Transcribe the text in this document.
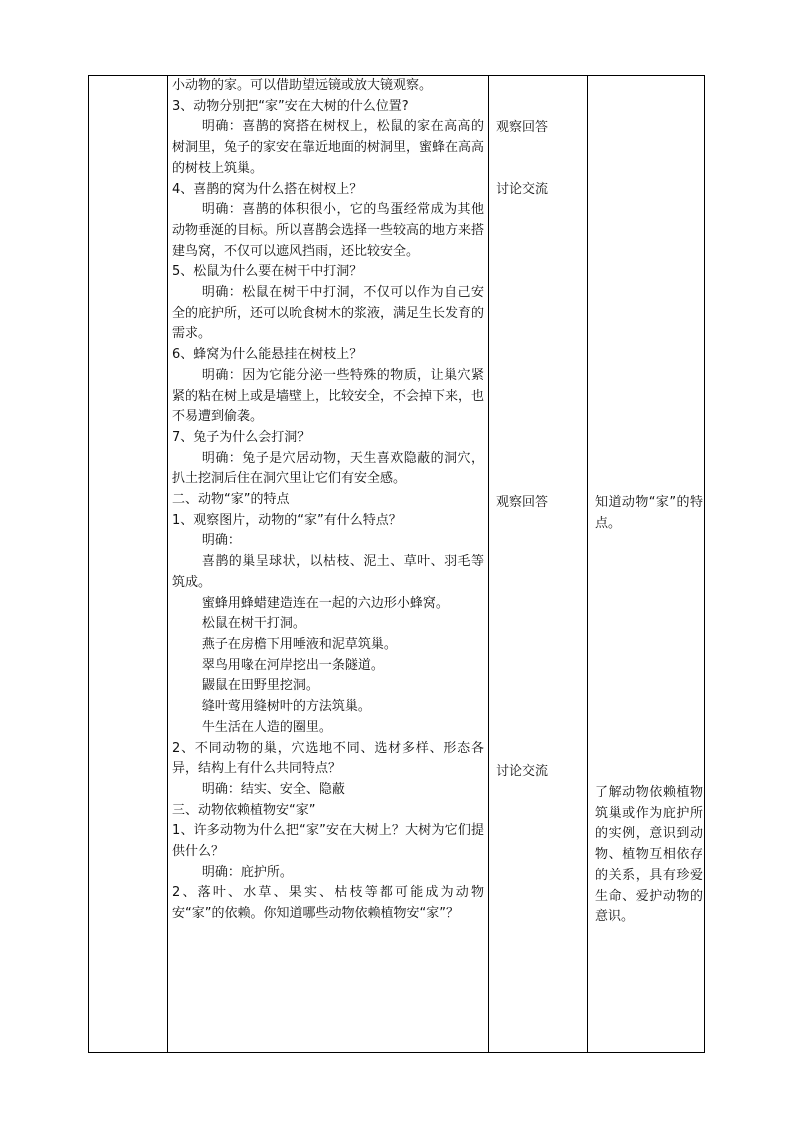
小动物的家。可以借助望远镜或放大镜观察。

3、动物分别把“家”安在大树的什么位置?

明确：喜鹊的窝搭在树杈上，松鼠的家在高高的树洞里，兔子的家安在靠近地面的树洞里，蜜蜂在高高的树枝上筑巢。

4、喜鹊的窝为什么搭在树杈上？

明确：喜鹊的体积很小，它的鸟蛋经常成为其他动物垂涎的目标。所以喜鹊会选择一些较高的地方来搭建鸟窝，不仅可以遮风挡雨，还比较安全。

5、松鼠为什么要在树干中打洞？

明确：松鼠在树干中打洞，不仅可以作为自己安全的庇护所，还可以吮食树木的浆液，满足生长发育的需求。

6、蜂窝为什么能悬挂在树枝上？

明确：因为它能分泌一些特殊的物质，让巢穴紧紧的粘在树上或是墙壁上，比较安全，不会掉下来，也不易遭到偷袭。

7、兔子为什么会打洞？

明确：兔子是穴居动物，天生喜欢隐蔽的洞穴，扒土挖洞后住在洞穴里让它们有安全感。

二、动物“家”的特点

1、观察图片，动物的“家”有什么特点？

明确：

喜鹊的巢呈球状，以枯枝、泥土、草叶、羽毛等筑成。

蜜蜂用蜂蜡建造连在一起的六边形小蜂窝。

松鼠在树干打洞。

燕子在房檐下用唾液和泥草筑巢。

翠鸟用喙在河岸挖出一条隧道。

鼹鼠在田野里挖洞。

缝叶莺用缝树叶的方法筑巢。

牛生活在人造的圈里。

2、不同动物的巢，穴选地不同、选材多样、形态各异，结构上有什么共同特点？

明确：结实、安全、隐蔽

三、动物依赖植物安“家”

1、许多动物为什么把“家”安在大树上？大树为它们提供什么？

明确：庇护所。

2、落叶、水草、果实、枯枝等都可能成为动物安“家”的依赖。你知道哪些动物依赖植物安“家”？

观察回答
讨论交流
观察回答
讨论交流

知道动物“家”的特点。

了解动物依赖植物筑巢或作为庇护所的实例，意识到动物、植物互相依存的关系，具有珍爱生命、爱护动物的意识。
